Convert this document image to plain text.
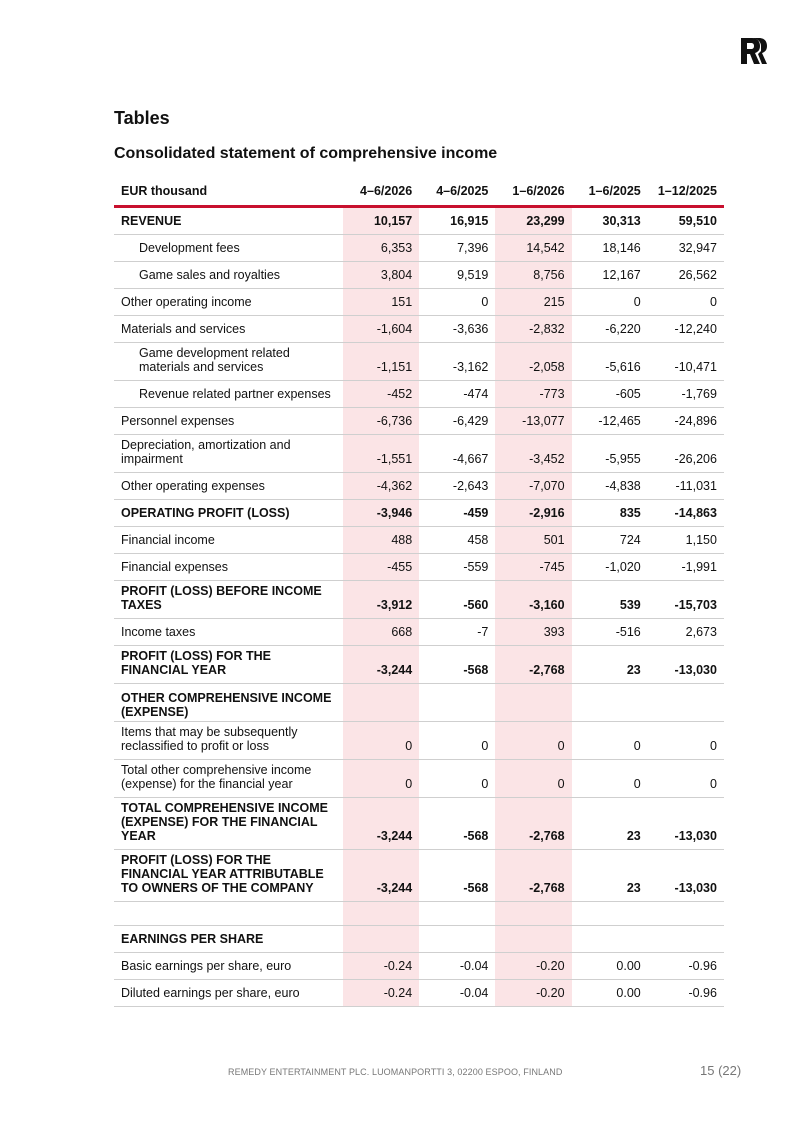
Tables
Consolidated statement of comprehensive income
EUR thousand	4–6/2026	4–6/2025	1–6/2026	1–6/2025	1–12/2025
REVENUE	10,157	16,915	23,299	30,313	59,510
Development fees	6,353	7,396	14,542	18,146	32,947
Game sales and royalties	3,804	9,519	8,756	12,167	26,562
Other operating income	151	0	215	0	0
Materials and services	-1,604	-3,636	-2,832	-6,220	-12,240
Game development related materials and services	-1,151	-3,162	-2,058	-5,616	-10,471
Revenue related partner expenses	-452	-474	-773	-605	-1,769
Personnel expenses	-6,736	-6,429	-13,077	-12,465	-24,896
Depreciation, amortization and impairment	-1,551	-4,667	-3,452	-5,955	-26,206
Other operating expenses	-4,362	-2,643	-7,070	-4,838	-11,031
OPERATING PROFIT (LOSS)	-3,946	-459	-2,916	835	-14,863
Financial income	488	458	501	724	1,150
Financial expenses	-455	-559	-745	-1,020	-1,991
PROFIT (LOSS) BEFORE INCOME TAXES	-3,912	-560	-3,160	539	-15,703
Income taxes	668	-7	393	-516	2,673
PROFIT (LOSS) FOR THE FINANCIAL YEAR	-3,244	-568	-2,768	23	-13,030
OTHER COMPREHENSIVE INCOME (EXPENSE)
Items that may be subsequently reclassified to profit or loss	0	0	0	0	0
Total other comprehensive income (expense) for the financial year	0	0	0	0	0
TOTAL COMPREHENSIVE INCOME (EXPENSE) FOR THE FINANCIAL YEAR	-3,244	-568	-2,768	23	-13,030
PROFIT (LOSS) FOR THE FINANCIAL YEAR ATTRIBUTABLE TO OWNERS OF THE COMPANY	-3,244	-568	-2,768	23	-13,030
EARNINGS PER SHARE
Basic earnings per share, euro	-0.24	-0.04	-0.20	0.00	-0.96
Diluted earnings per share, euro	-0.24	-0.04	-0.20	0.00	-0.96
REMEDY ENTERTAINMENT PLC. LUOMANPORTTI 3, 02200 ESPOO, FINLAND	15 (22)
